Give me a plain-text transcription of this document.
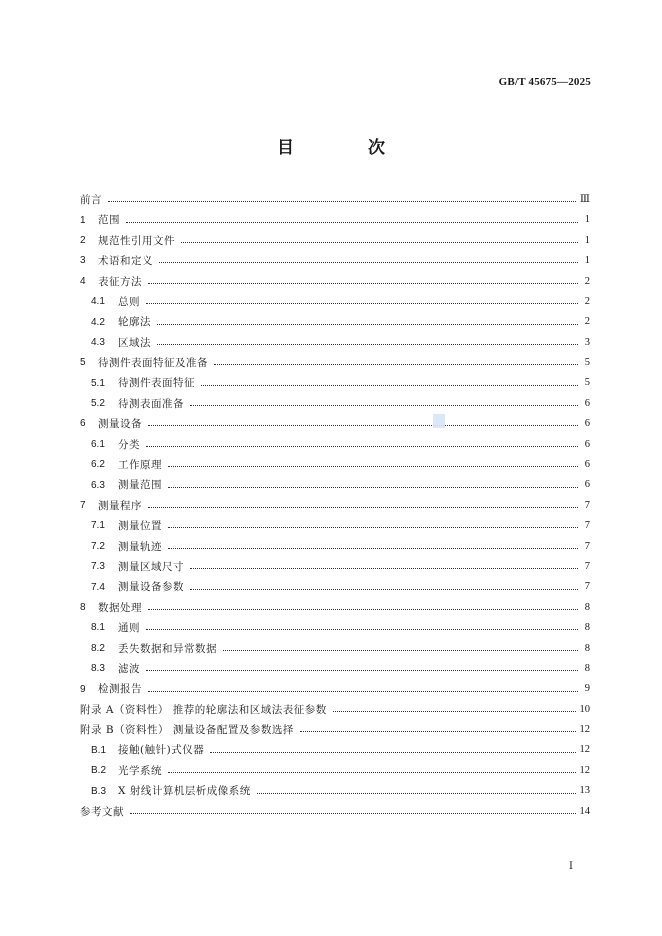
GB/T 45675—2025
目 次
前言	Ⅲ
1	范围	1
2	规范性引用文件	1
3	术语和定义	1
4	表征方法	2
4.1	总则	2
4.2	轮廓法	2
4.3	区域法	3
5	待测件表面特征及准备	5
5.1	待测件表面特征	5
5.2	待测表面准备	6
6	测量设备	6
6.1	分类	6
6.2	工作原理	6
6.3	测量范围	6
7	测量程序	7
7.1	测量位置	7
7.2	测量轨迹	7
7.3	测量区域尺寸	7
7.4	测量设备参数	7
8	数据处理	8
8.1	通则	8
8.2	丢失数据和异常数据	8
8.3	滤波	8
9	检测报告	9
附录 A（资料性） 推荐的轮廓法和区域法表征参数	10
附录 B（资料性） 测量设备配置及参数选择	12
B.1	接触(触针)式仪器	12
B.2	光学系统	12
B.3	X 射线计算机层析成像系统	13
参考文献	14
Ⅰ
